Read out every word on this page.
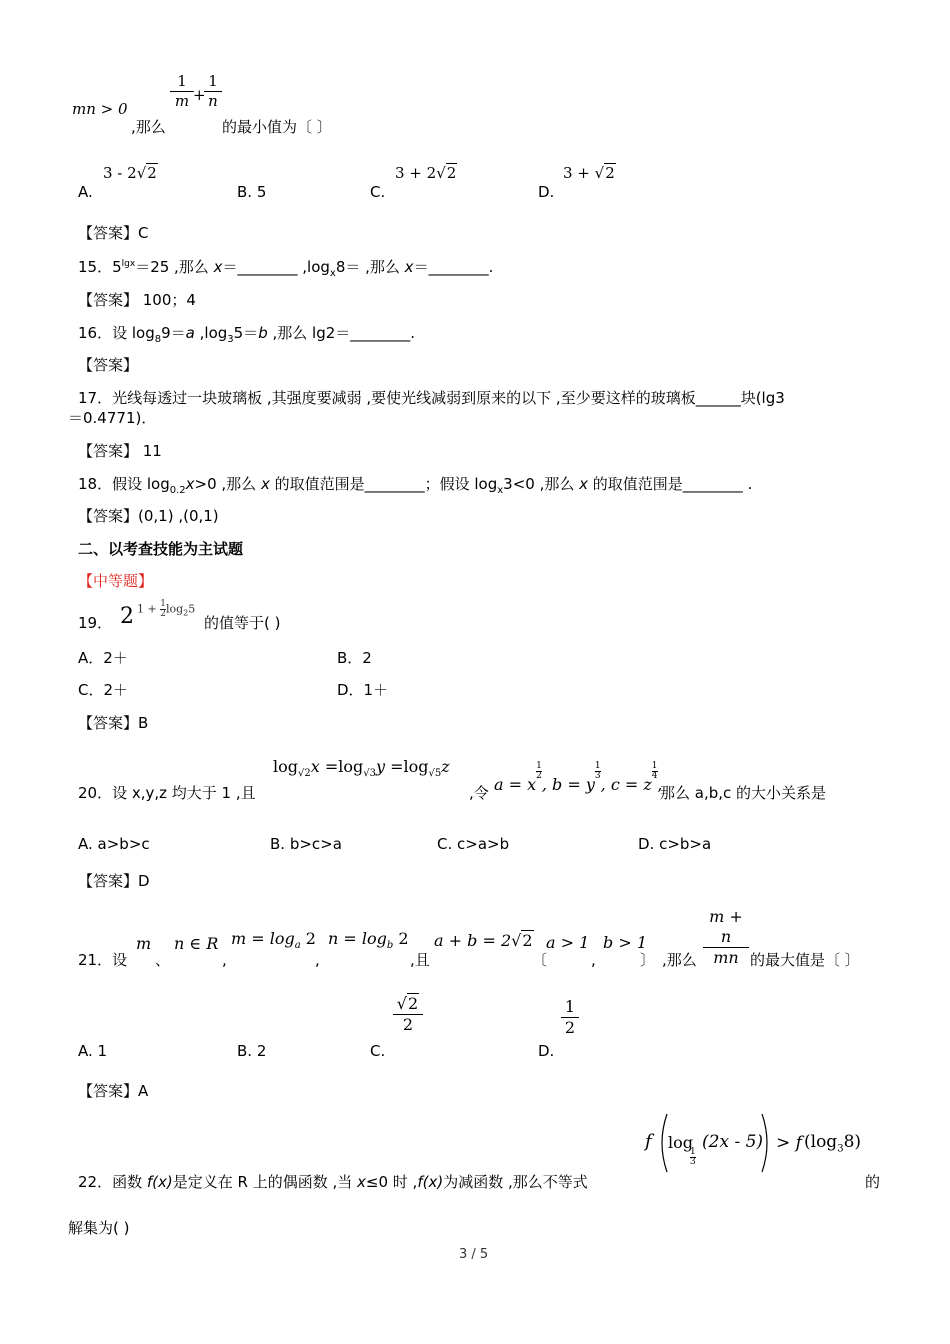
mn > 0
,那么
$\frac{1}{m}$ +
$\frac{1}{n}$
的最小值为〔 〕
A.
3 - 2√2
B. 5	C.
3 + 2√2
D.
3 + √2
【答案】C
15．$5^{lgx}=25$ ,那么 x＝________ $,\log_x8=$ ,那么 x＝________.
【答案】 100；4
16．设 $\log_89=a$ $,\log_35=b$ ,那么 lg2＝________.
【答案】
17．光线每透过一块玻璃板 ,其强度要减弱 ,要使光线减弱到原来的以下 ,至少要这样的玻璃板______块(lg3
＝0.4771)．
【答案】 11
18．假设 $\log_{0.2}x>0$ ,那么 x 的取值范围是________；假设 $\log_x3<0$ ,那么 x 的取值范围是________ .
【答案】(0,1) ,(0,1)
二、以考查技能为主试题
【中等题】
19． 2 $1 + \frac{1}{2} \log_25$
的值等于( )
A．2＋	B．2
C．2＋	D．1＋
【答案】B
20．设 x,y,z 均大于 1 ,且
$\log_{√2}x =\log_{√3}y =\log_{√5}z$
,令 a = x
$\frac{1}{2}$
, b = y
$\frac{1}{3}$
, c = z
$\frac{1}{4}$
,
那么 a,b,c 的大小关系是
A. a>b>c	B. b>c>a	C. c>a>b	D. c>b>a
【答案】D
21．设
m
、
n ∈ R
,
$m = \log_a 2$
,
$n = \log_b 2$
,且
a + b = 2√2
〔
a > 1
,
b > 1
〕 ,那么 $\frac{m + n}{mn}$ 的最大值是〔 〕
A. 1	B. 2	C.
$\frac{√2}{2}$
D.
$\frac{1}{2}$
【答案】A
22．函数 f(x)是定义在 R 上的偶函数 ,当 x≤0 时 ,f(x)为减函数 ,那么不等式
f log
1
3
(2x - 5) > f $(\log_38)$
的
解集为( )
3 / 5
